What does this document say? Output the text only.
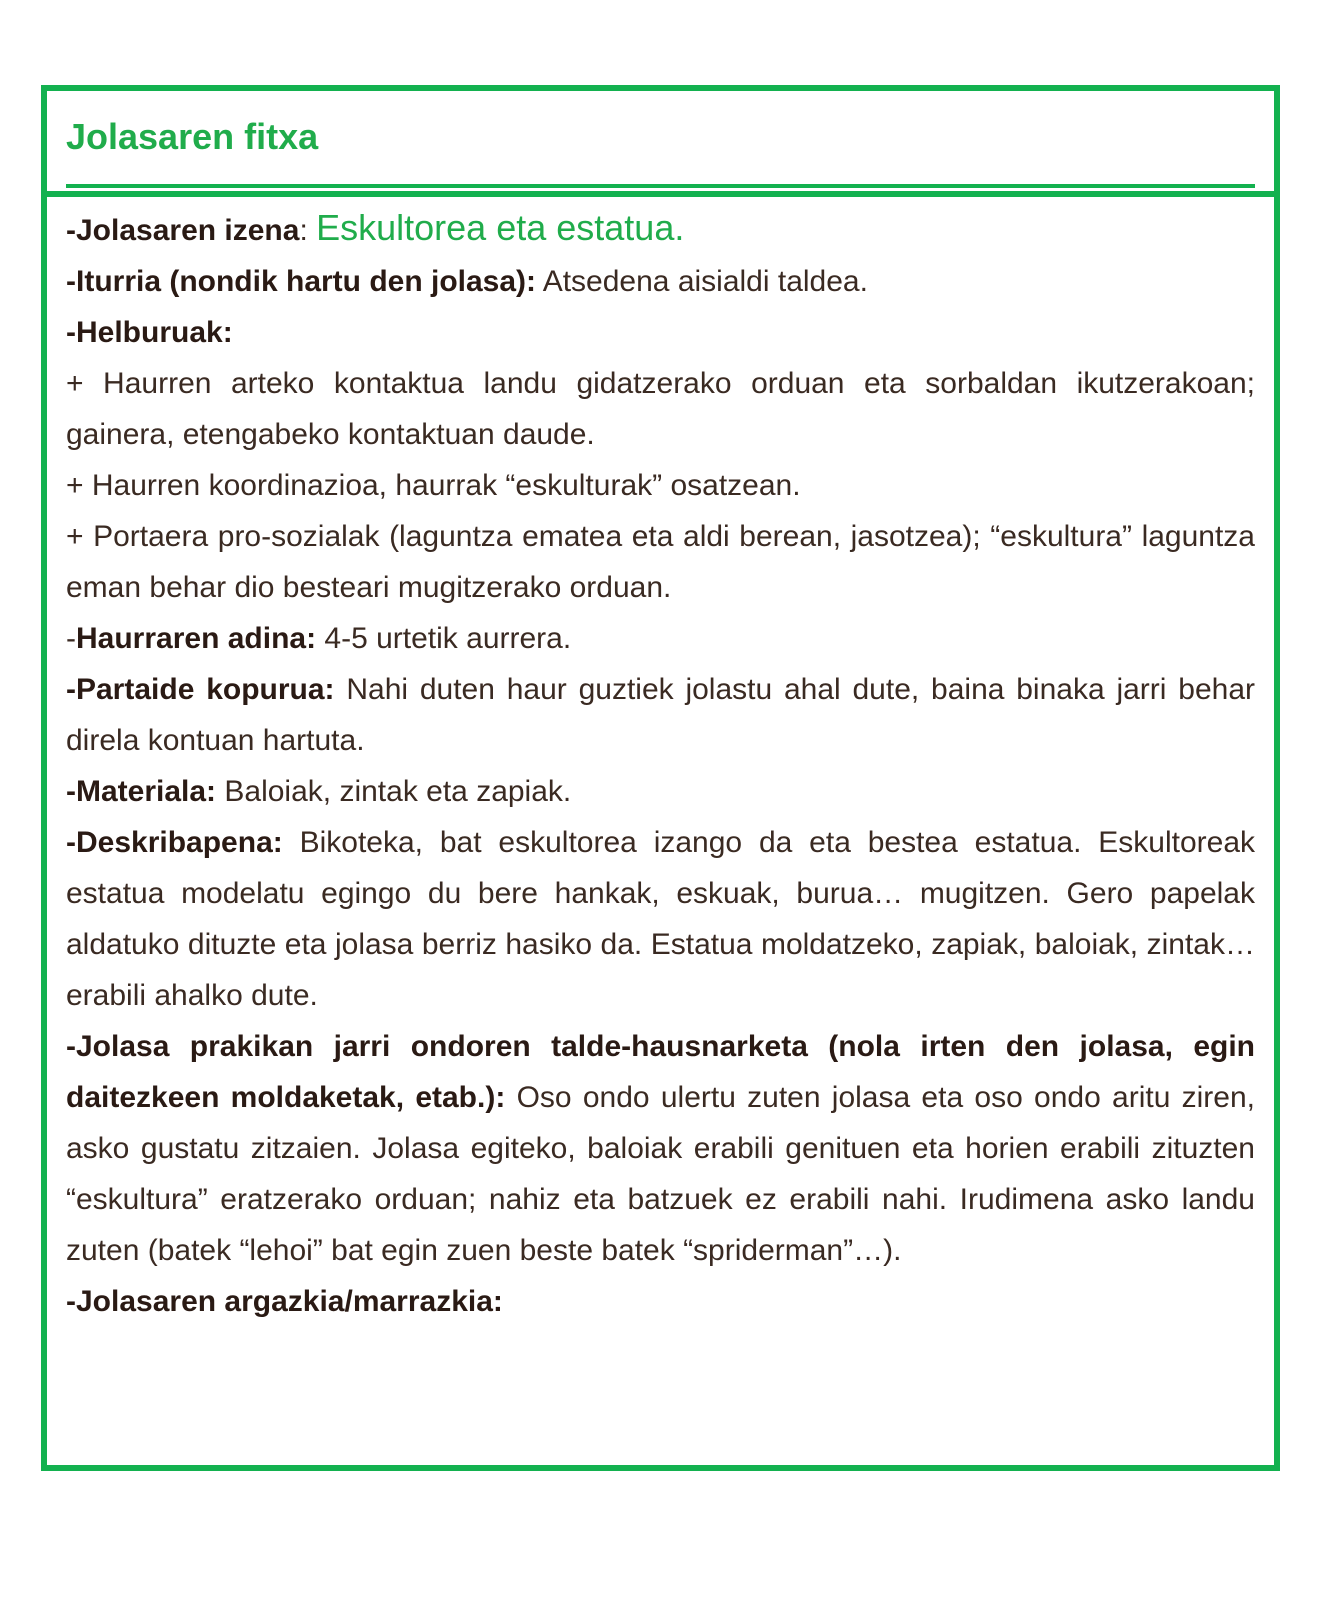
Jolasaren fitxa

-Jolasaren izena: Eskultorea eta estatua.

-Iturria (nondik hartu den jolasa): Atsedena aisialdi taldea.

-Helburuak:

+ Haurren arteko kontaktua landu gidatzerako orduan eta sorbaldan ikutzerakoan; gainera, etengabeko kontaktuan daude.

+ Haurren koordinazioa, haurrak “eskulturak” osatzean.

+ Portaera pro-sozialak (laguntza ematea eta aldi berean, jasotzea); “eskultura” laguntza eman behar dio besteari mugitzerako orduan.

-Haurraren adina: 4-5 urtetik aurrera.

-Partaide kopurua: Nahi duten haur guztiek jolastu ahal dute, baina binaka jarri behar direla kontuan hartuta.

-Materiala: Baloiak, zintak eta zapiak.

-Deskribapena: Bikoteka, bat eskultorea izango da eta bestea estatua. Eskultoreak estatua modelatu egingo du bere hankak, eskuak, burua… mugitzen. Gero papelak aldatuko dituzte eta jolasa berriz hasiko da. Estatua moldatzeko, zapiak, baloiak, zintak…erabili ahalko dute.

-Jolasa prakikan jarri ondoren talde-hausnarketa (nola irten den jolasa, egin daitezkeen moldaketak, etab.): Oso ondo ulertu zuten jolasa eta oso ondo aritu ziren, asko gustatu zitzaien. Jolasa egiteko, baloiak erabili genituen eta horien erabili zituzten “eskultura” eratzerako orduan; nahiz eta batzuek ez erabili nahi. Irudimena asko landu zuten (batek “lehoi” bat egin zuen beste batek “spriderman”…).

-Jolasaren argazkia/marrazkia:
